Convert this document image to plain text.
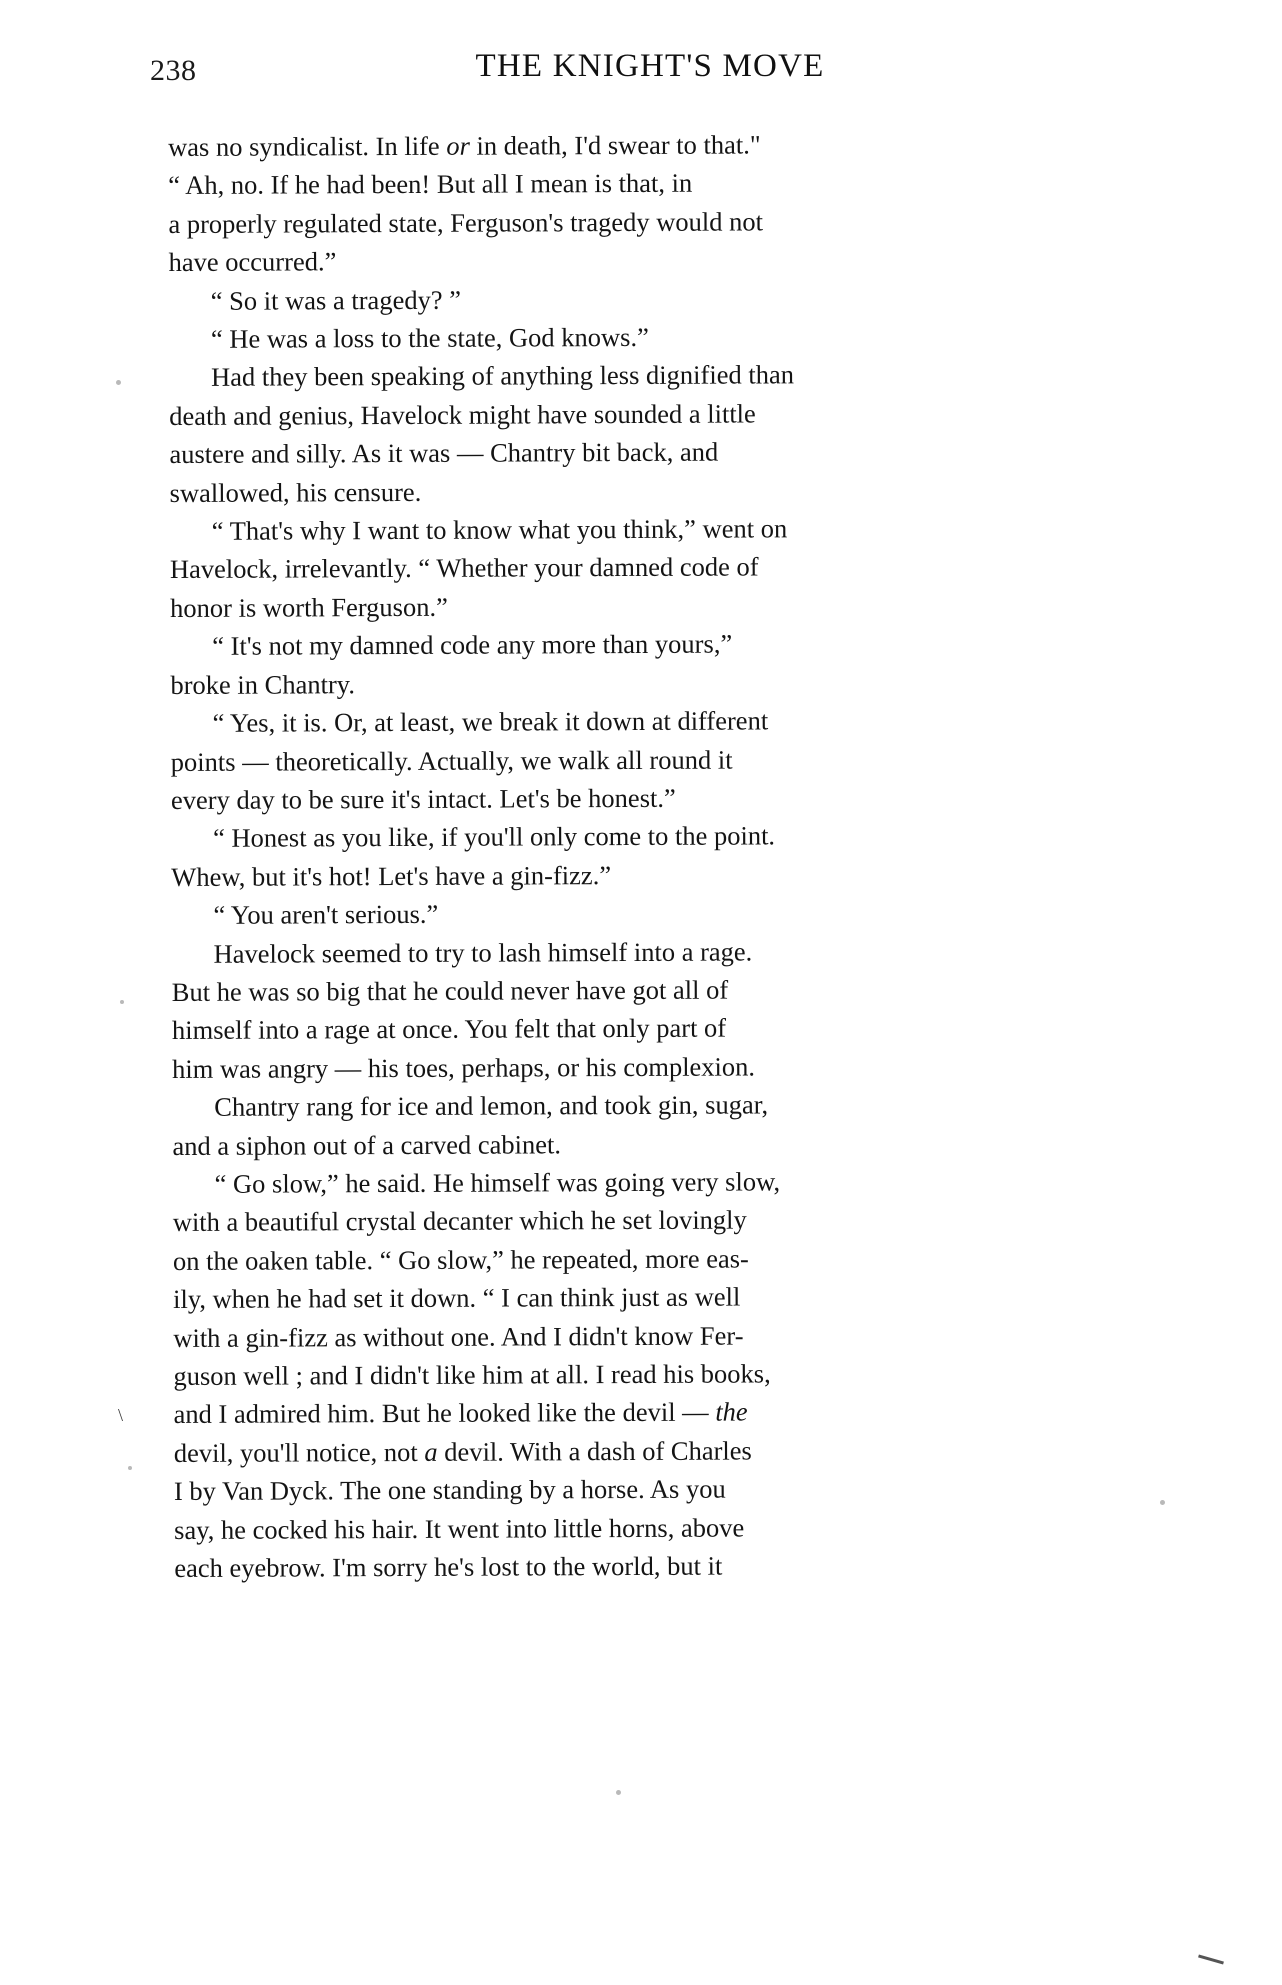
238	THE KNIGHT'S MOVE

was no syndicalist. In life or in death, I'd swear to that."
“ Ah, no. If he had been! But all I mean is that, in
a properly regulated state, Ferguson's tragedy would not
have occurred.”

“ So it was a tragedy? ”

“ He was a loss to the state, God knows.”

Had they been speaking of anything less dignified than
death and genius, Havelock might have sounded a little
austere and silly. As it was — Chantry bit back, and
swallowed, his censure.

“ That's why I want to know what you think,” went on
Havelock, irrelevantly. “ Whether your damned code of
honor is worth Ferguson.”

“ It's not my damned code any more than yours,”
broke in Chantry.

“ Yes, it is. Or, at least, we break it down at different
points — theoretically. Actually, we walk all round it
every day to be sure it's intact. Let's be honest.”

“ Honest as you like, if you'll only come to the point.
Whew, but it's hot! Let's have a gin-fizz.”

“ You aren't serious.”

Havelock seemed to try to lash himself into a rage.
But he was so big that he could never have got all of
himself into a rage at once. You felt that only part of
him was angry — his toes, perhaps, or his complexion.

Chantry rang for ice and lemon, and took gin, sugar,
and a siphon out of a carved cabinet.

“ Go slow,” he said. He himself was going very slow,
with a beautiful crystal decanter which he set lovingly
on the oaken table. “ Go slow,” he repeated, more eas-
ily, when he had set it down. “ I can think just as well
with a gin-fizz as without one. And I didn't know Fer-
guson well ; and I didn't like him at all. I read his books,
and I admired him. But he looked like the devil — the
devil, you'll notice, not a devil. With a dash of Charles
I by Van Dyck. The one standing by a horse. As you
say, he cocked his hair. It went into little horns, above
each eyebrow. I'm sorry he's lost to the world, but it

\
